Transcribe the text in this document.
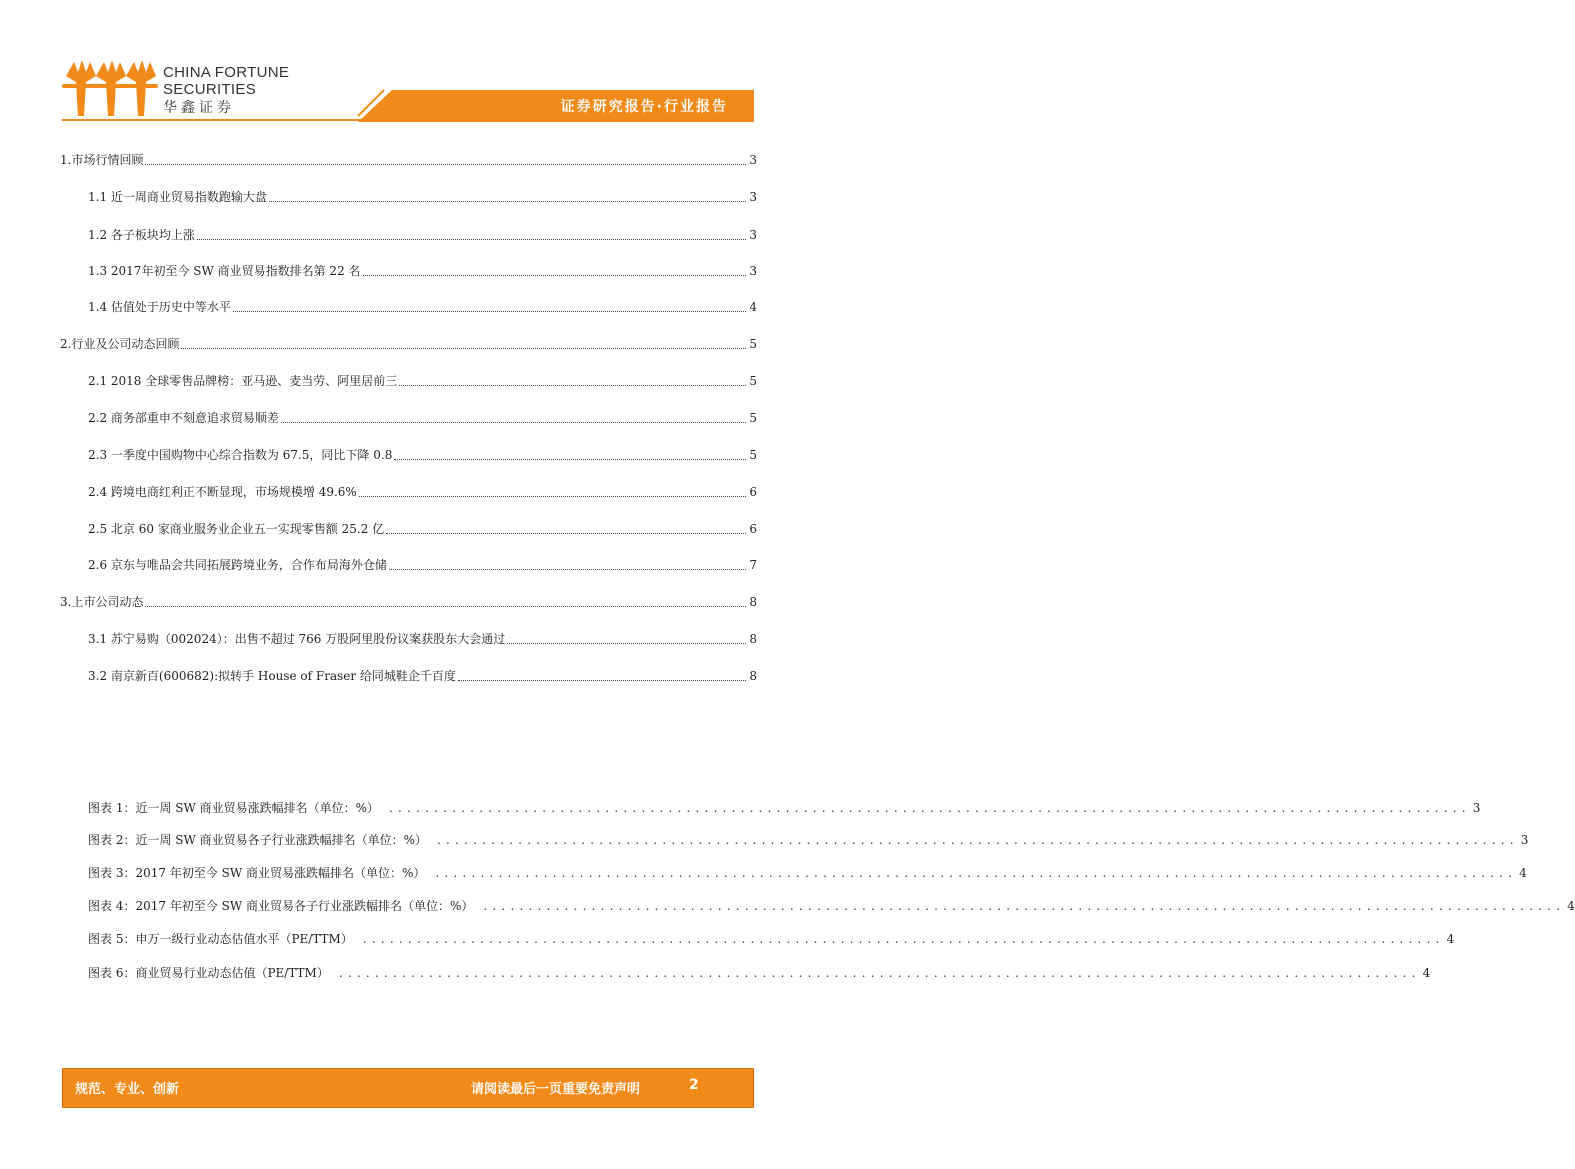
CHINA FORTUNE
SECURITIES
华鑫证券	证券研究报告·行业报告
1.市场行情回顾	3
1.1 近一周商业贸易指数跑输大盘	3
1.2 各子板块均上涨	3
1.3 2017年初至今 SW 商业贸易指数排名第 22 名	3
1.4 估值处于历史中等水平	4
2.行业及公司动态回顾	5
2.1 2018 全球零售品牌榜：亚马逊、麦当劳、阿里居前三	5
2.2 商务部重申不刻意追求贸易顺差	5
2.3 一季度中国购物中心综合指数为 67.5，同比下降 0.8	5
2.4 跨境电商红利正不断显现，市场规模增 49.6%	6
2.5 北京 60 家商业服务业企业五一实现零售额 25.2 亿	6
2.6 京东与唯品会共同拓展跨境业务，合作布局海外仓储	7
3.上市公司动态	8
3.1 苏宁易购（002024）：出售不超过 766 万股阿里股份议案获股东大会通过	8
3.2 南京新百(600682):拟转手 House of Fraser 给同城鞋企千百度	8
图表 1：近一周 SW 商业贸易涨跌幅排名（单位：%） ........................................................................................................................ 3
图表 2：近一周 SW 商业贸易各子行业涨跌幅排名（单位：%） ........................................................................................................................ 3
图表 3：2017 年初至今 SW 商业贸易涨跌幅排名（单位：%） ........................................................................................................................ 4
图表 4：2017 年初至今 SW 商业贸易各子行业涨跌幅排名（单位：%） ........................................................................................................................ 4
图表 5：申万一级行业动态估值水平（PE/TTM） ........................................................................................................................ 4
图表 6：商业贸易行业动态估值（PE/TTM） ........................................................................................................................ 4
规范、专业、创新	请阅读最后一页重要免责声明	2
